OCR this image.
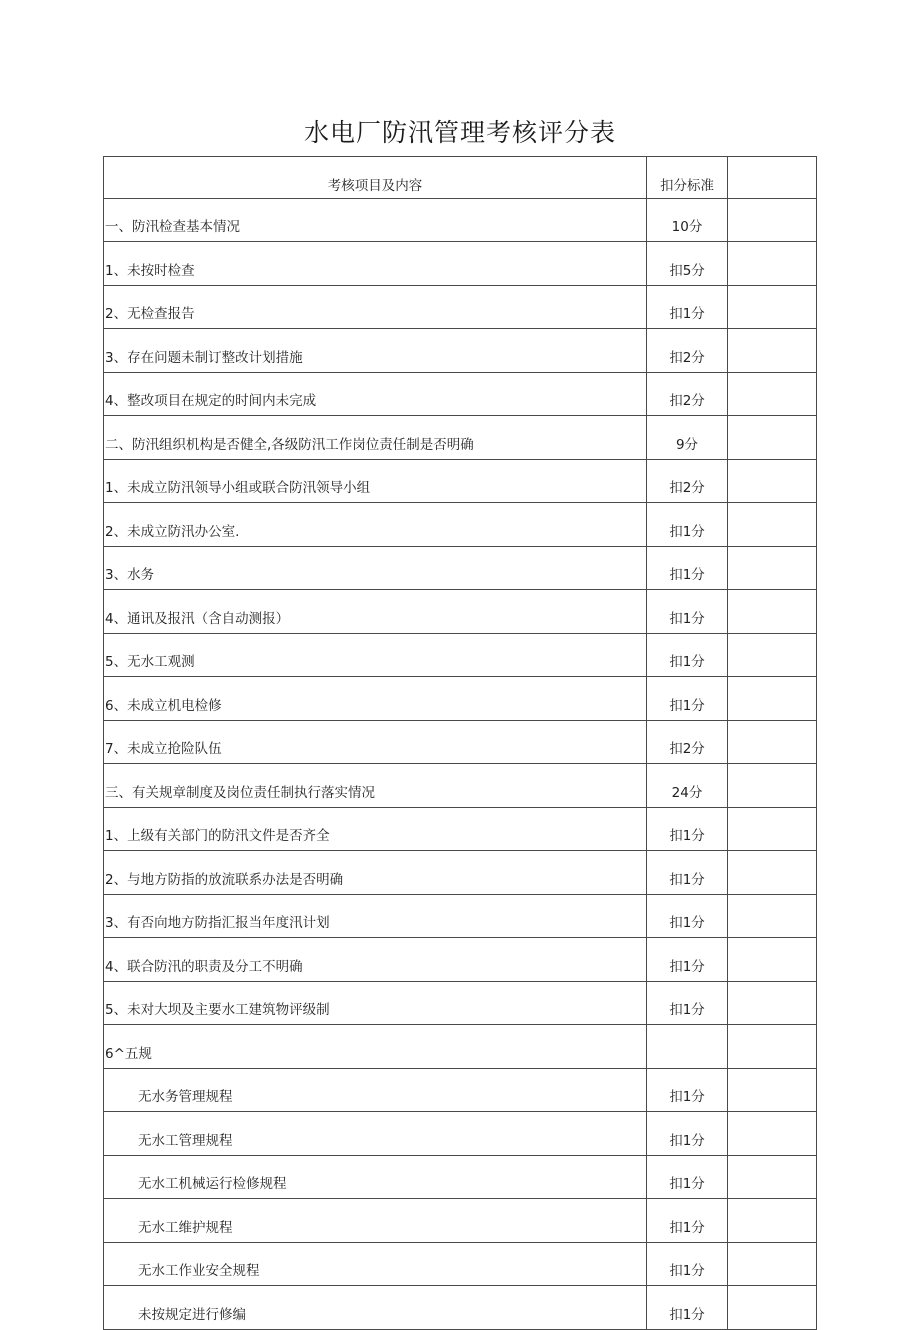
水电厂防汛管理考核评分表
考核项目及内容	扣分标准	
一、防汛检查基本情况	10分	
1、未按时检查	扣5分	
2、无检查报告	扣1分	
3、存在问题未制订整改计划措施	扣2分	
4、整改项目在规定的时间内未完成	扣2分	
二、防汛组织机构是否健全,各级防汛工作岗位责任制是否明确	9分	
1、未成立防汛领导小组或联合防汛领导小组	扣2分	
2、未成立防汛办公室.	扣1分	
3、水务	扣1分	
4、通讯及报汛（含自动测报）	扣1分	
5、无水工观测	扣1分	
6、未成立机电检修	扣1分	
7、未成立抢险队伍	扣2分	
三、有关规章制度及岗位责任制执行落实情况	24分	
1、上级有关部门的防汛文件是否齐全	扣1分	
2、与地方防指的放流联系办法是否明确	扣1分	
3、有否向地方防指汇报当年度汛计划	扣1分	
4、联合防汛的职责及分工不明确	扣1分	
5、未对大坝及主要水工建筑物评级制	扣1分	
6^五规		
无水务管理规程	扣1分	
无水工管理规程	扣1分	
无水工机械运行检修规程	扣1分	
无水工维护规程	扣1分	
无水工作业安全规程	扣1分	
未按规定进行修编	扣1分	
